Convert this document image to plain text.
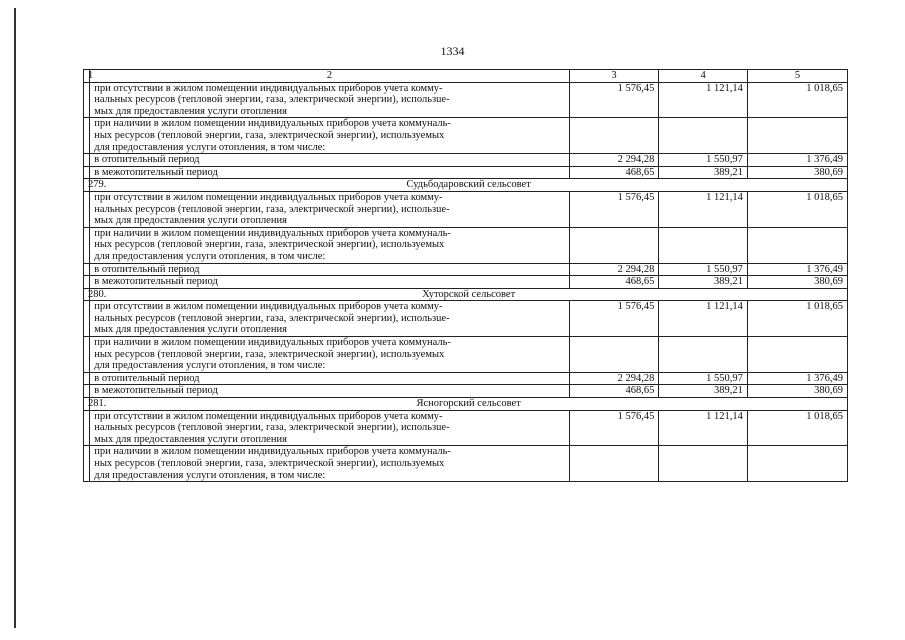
1334
1	2	3	4	5

	при отсутствии в жилом помещении индивидуальных приборов учета комму-
нальных ресурсов (тепловой энергии, газа, электрической энергии), использue-
мых для предоставления услуги отопления	1 576,45	1 121,14	1 018,65

	при наличии в жилом помещении индивидуальных приборов учета коммуналь-
ных ресурсов (тепловой энергии, газа, электрической энергии), используемых
для предоставления услуги отопления, в том числе:			

	в отопительный период	2 294,28	1 550,97	1 376,49
	в межотопительный период	468,65	389,21	380,69
279.	Судьбодаровский сельсовет			

	при отсутствии в жилом помещении индивидуальных приборов учета комму-
нальных ресурсов (тепловой энергии, газа, электрической энергии), использue-
мых для предоставления услуги отопления	1 576,45	1 121,14	1 018,65

	при наличии в жилом помещении индивидуальных приборов учета коммуналь-
ных ресурсов (тепловой энергии, газа, электрической энергии), используемых
для предоставления услуги отопления, в том числе:			

	в отопительный период	2 294,28	1 550,97	1 376,49
	в межотопительный период	468,65	389,21	380,69
280.	Хуторской сельсовет			

	при отсутствии в жилом помещении индивидуальных приборов учета комму-
нальных ресурсов (тепловой энергии, газа, электрической энергии), использue-
мых для предоставления услуги отопления	1 576,45	1 121,14	1 018,65

	при наличии в жилом помещении индивидуальных приборов учета коммуналь-
ных ресурсов (тепловой энергии, газа, электрической энергии), используемых
для предоставления услуги отопления, в том числе:			

	в отопительный период	2 294,28	1 550,97	1 376,49
	в межотопительный период	468,65	389,21	380,69
281.	Ясногорский сельсовет			

	при отсутствии в жилом помещении индивидуальных приборов учета комму-
нальных ресурсов (тепловой энергии, газа, электрической энергии), использue-
мых для предоставления услуги отопления	1 576,45	1 121,14	1 018,65

	при наличии в жилом помещении индивидуальных приборов учета коммуналь-
ных ресурсов (тепловой энергии, газа, электрической энергии), используемых
для предоставления услуги отопления, в том числе:			
